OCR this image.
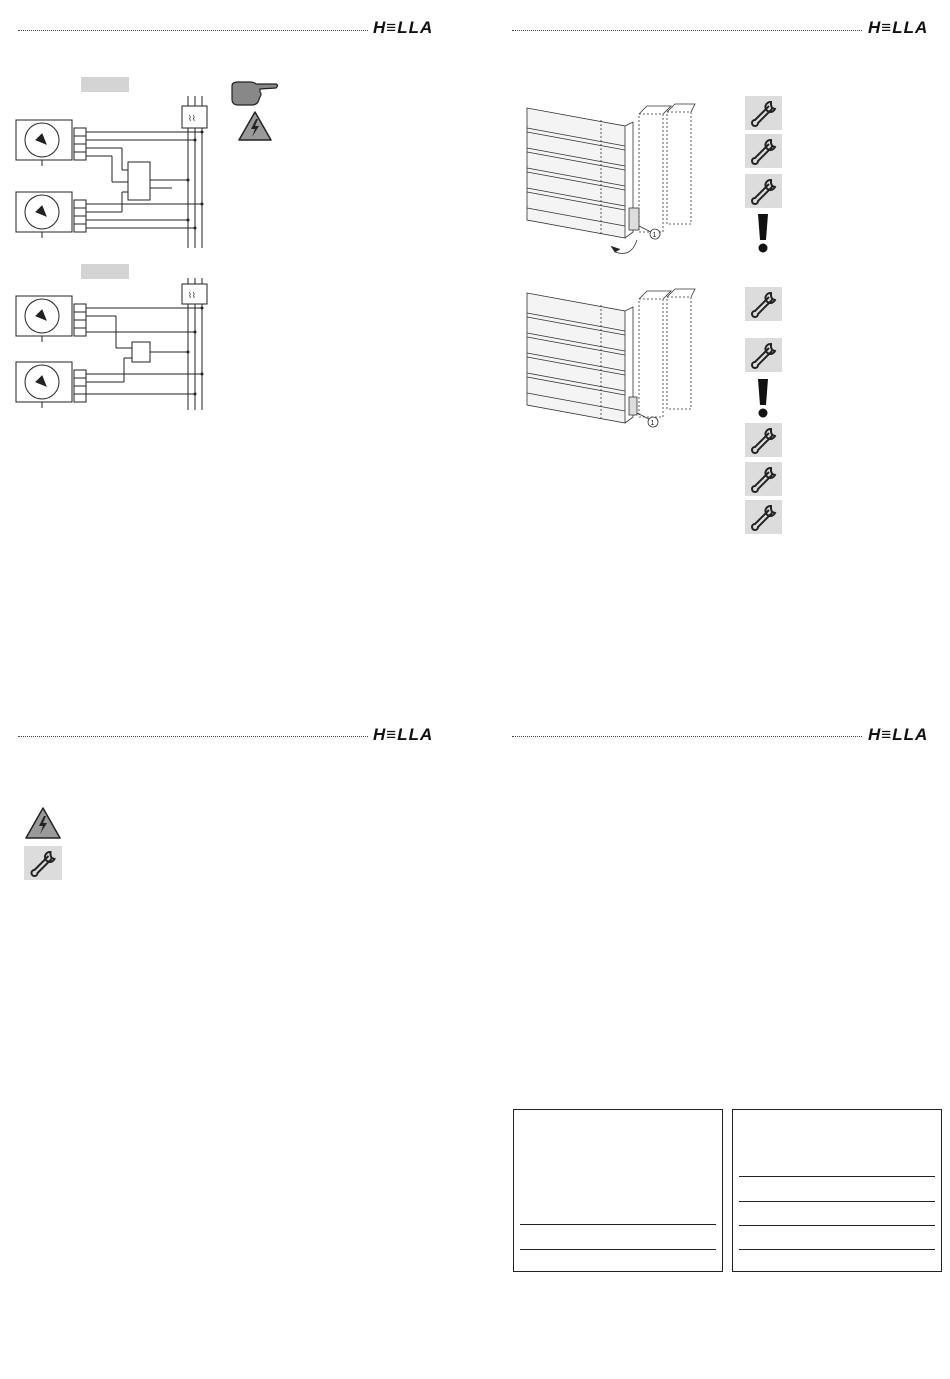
H≡LLA
⌇⌇
⌇⌇
H≡LLA
1
1
H≡LLA	H≡LLA
